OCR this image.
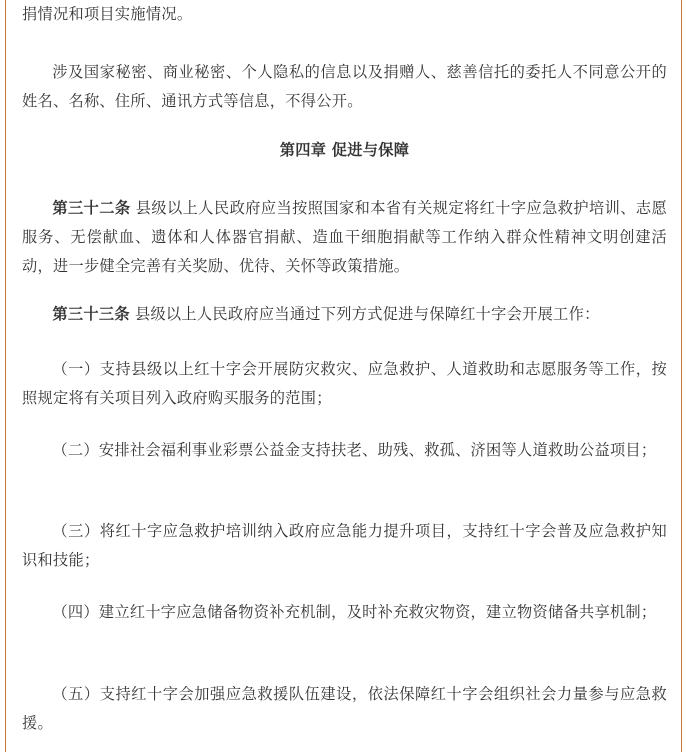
捐情况和项目实施情况。

涉及国家秘密、商业秘密、个人隐私的信息以及捐赠人、慈善信托的委托人不同意公开的姓名、名称、住所、通讯方式等信息，不得公开。

第四章 促进与保障

第三十二条 县级以上人民政府应当按照国家和本省有关规定将红十字应急救护培训、志愿服务、无偿献血、遗体和人体器官捐献、造血干细胞捐献等工作纳入群众性精神文明创建活动，进一步健全完善有关奖励、优待、关怀等政策措施。

第三十三条 县级以上人民政府应当通过下列方式促进与保障红十字会开展工作：

（一）支持县级以上红十字会开展防灾救灾、应急救护、人道救助和志愿服务等工作，按照规定将有关项目列入政府购买服务的范围；

（二）安排社会福利事业彩票公益金支持扶老、助残、救孤、济困等人道救助公益项目；

（三）将红十字应急救护培训纳入政府应急能力提升项目，支持红十字会普及应急救护知识和技能；

（四）建立红十字应急储备物资补充机制，及时补充救灾物资，建立物资储备共享机制；

（五）支持红十字会加强应急救援队伍建设，依法保障红十字会组织社会力量参与应急救援。
